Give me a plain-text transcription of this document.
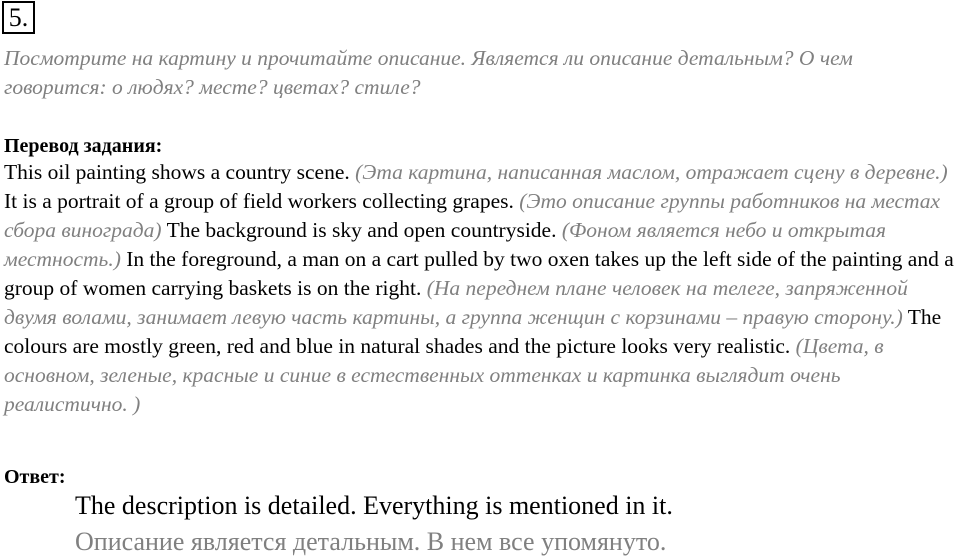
5.
Посмотрите на картину и прочитайте описание. Является ли описание детальным? О чем говорится: о людях? месте? цветах? стиле?
Перевод задания:
This oil painting shows a country scene. (Эта картина, написанная маслом, отражает сцену в деревне.) It is a portrait of a group of field workers collecting grapes. (Это описание группы работников на местах сбора винограда) The background is sky and open countryside. (Фоном является небо и открытая местность.) In the foreground, a man on a cart pulled by two oxen takes up the left side of the painting and a group of women carrying baskets is on the right. (На переднем плане человек на телеге, запряженной двумя волами, занимает левую часть картины, а группа женщин с корзинами – правую сторону.) The colours are mostly green, red and blue in natural shades and the picture looks very realistic. (Цвета, в основном, зеленые, красные и синие в естественных оттенках и картинка выглядит очень реалистично. )
Ответ:
The description is detailed. Everything is mentioned in it.
Описание является детальным. В нем все упомянуто.
